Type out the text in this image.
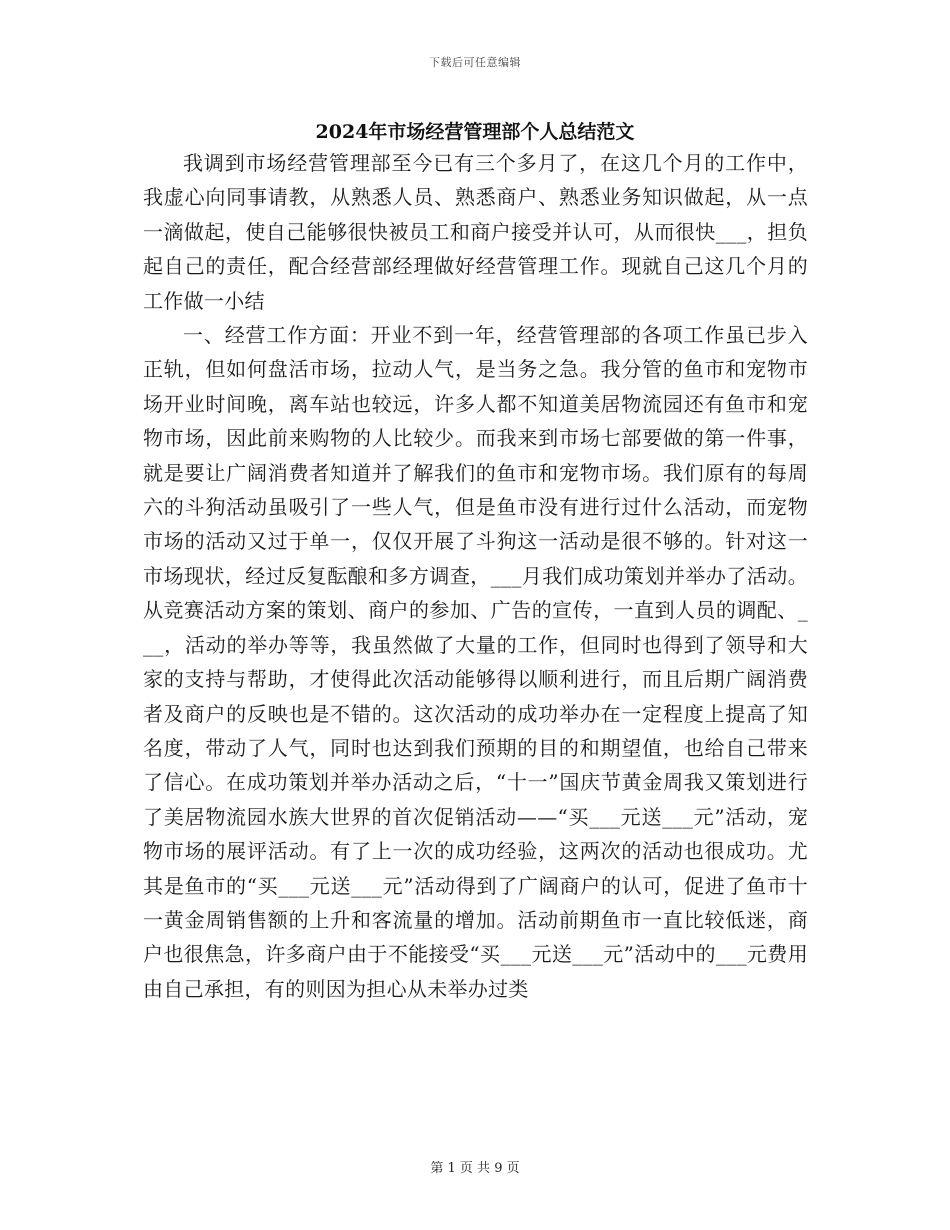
下载后可任意编辑
2024年市场经营管理部个人总结范文

我调到市场经营管理部至今已有三个多月了，在这几个月的工作中，我虚心向同事请教，从熟悉人员、熟悉商户、熟悉业务知识做起，从一点一滴做起，使自己能够很快被员工和商户接受并认可，从而很快___，担负起自己的责任，配合经营部经理做好经营管理工作。现就自己这几个月的工作做一小结

一、经营工作方面：开业不到一年，经营管理部的各项工作虽已步入正轨，但如何盘活市场，拉动人气，是当务之急。我分管的鱼市和宠物市场开业时间晚，离车站也较远，许多人都不知道美居物流园还有鱼市和宠物市场，因此前来购物的人比较少。而我来到市场七部要做的第一件事，就是要让广阔消费者知道并了解我们的鱼市和宠物市场。我们原有的每周六的斗狗活动虽吸引了一些人气，但是鱼市没有进行过什么活动，而宠物市场的活动又过于单一，仅仅开展了斗狗这一活动是很不够的。针对这一市场现状，经过反复酝酿和多方调查，___月我们成功策划并举办了活动。从竞赛活动方案的策划、商户的参加、广告的宣传，一直到人员的调配、___，活动的举办等等，我虽然做了大量的工作，但同时也得到了领导和大家的支持与帮助，才使得此次活动能够得以顺利进行，而且后期广阔消费者及商户的反映也是不错的。这次活动的成功举办在一定程度上提高了知名度，带动了人气，同时也达到我们预期的目的和期望值，也给自己带来了信心。在成功策划并举办活动之后，“十一”国庆节黄金周我又策划进行了美居物流园水族大世界的首次促销活动——“买___元送___元”活动，宠物市场的展评活动。有了上一次的成功经验，这两次的活动也很成功。尤其是鱼市的“买___元送___元”活动得到了广阔商户的认可，促进了鱼市十一黄金周销售额的上升和客流量的增加。活动前期鱼市一直比较低迷，商户也很焦急，许多商户由于不能接受“买___元送___元”活动中的___元费用由自己承担，有的则因为担心从未举办过类

第 1 页 共 9 页
